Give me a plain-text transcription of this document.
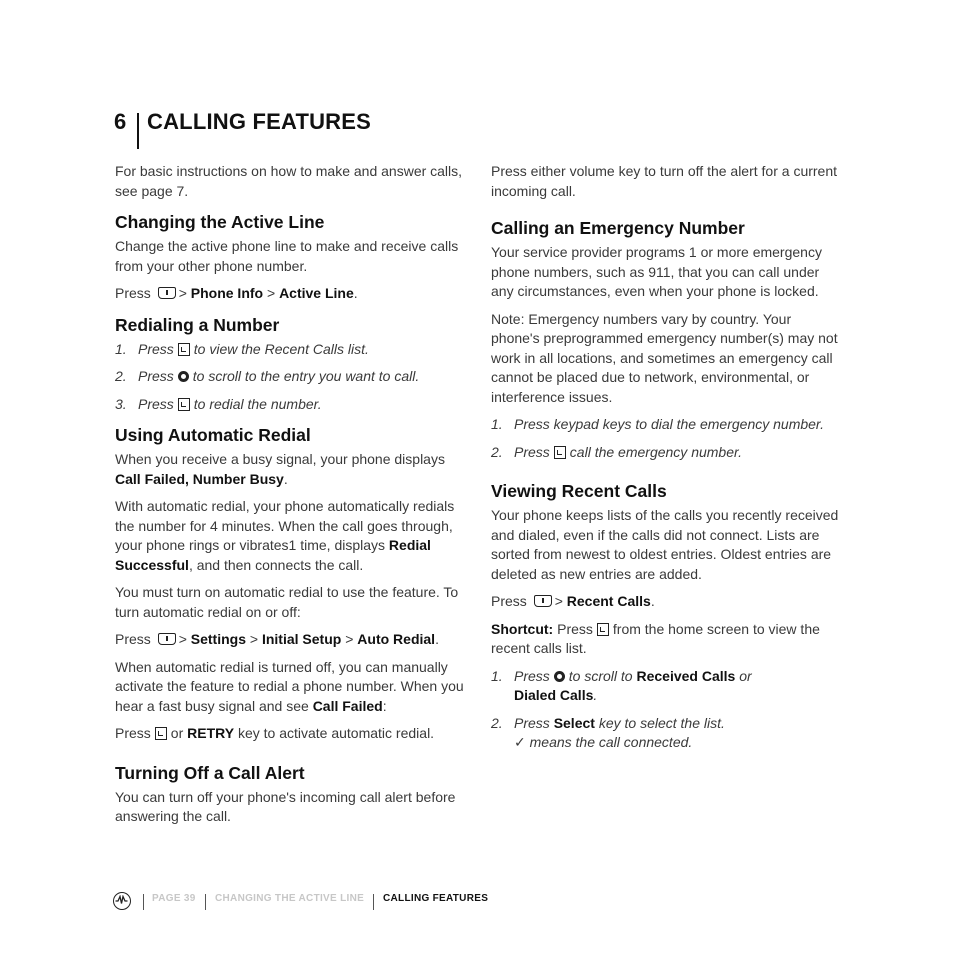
6 CALLING FEATURES

For basic instructions on how to make and answer calls, see page 7.

Changing the Active Line

Change the active phone line to make and receive calls from your other phone number.

Press > Phone Info > Active Line.

Redialing a Number
1. Press to view the Recent Calls list.
2. Press to scroll to the entry you want to call.
3. Press to redial the number.
Using Automatic Redial

When you receive a busy signal, your phone displays Call Failed, Number Busy.

With automatic redial, your phone automatically redials the number for 4 minutes. When the call goes through, your phone rings or vibrates1 time, displays Redial Successful, and then connects the call.

You must turn on automatic redial to use the feature. To turn automatic redial on or off:

Press > Settings > Initial Setup > Auto Redial.

When automatic redial is turned off, you can manually activate the feature to redial a phone number. When you hear a fast busy signal and see Call Failed:

Press or RETRY key to activate automatic redial.

Turning Off a Call Alert

You can turn off your phone's incoming call alert before answering the call.

Press either volume key to turn off the alert for a current incoming call.

Calling an Emergency Number

Your service provider programs 1 or more emergency phone numbers, such as 911, that you can call under any circumstances, even when your phone is locked.

Note: Emergency numbers vary by country. Your phone's preprogrammed emergency number(s) may not work in all locations, and sometimes an emergency call cannot be placed due to network, environmental, or interference issues.

1. Press keypad keys to dial the emergency number.
2. Press call the emergency number.
Viewing Recent Calls

Your phone keeps lists of the calls you recently received and dialed, even if the calls did not connect. Lists are sorted from newest to oldest entries. Oldest entries are deleted as new entries are added.

Press > Recent Calls.

Shortcut: Press from the home screen to view the recent calls list.

1. Press to scroll to Received Calls or
Dialed Calls.
2. Press Select key to select the list.
✓ means the call connected.
PAGE 39 CHANGING THE ACTIVE LINE CALLING FEATURES
